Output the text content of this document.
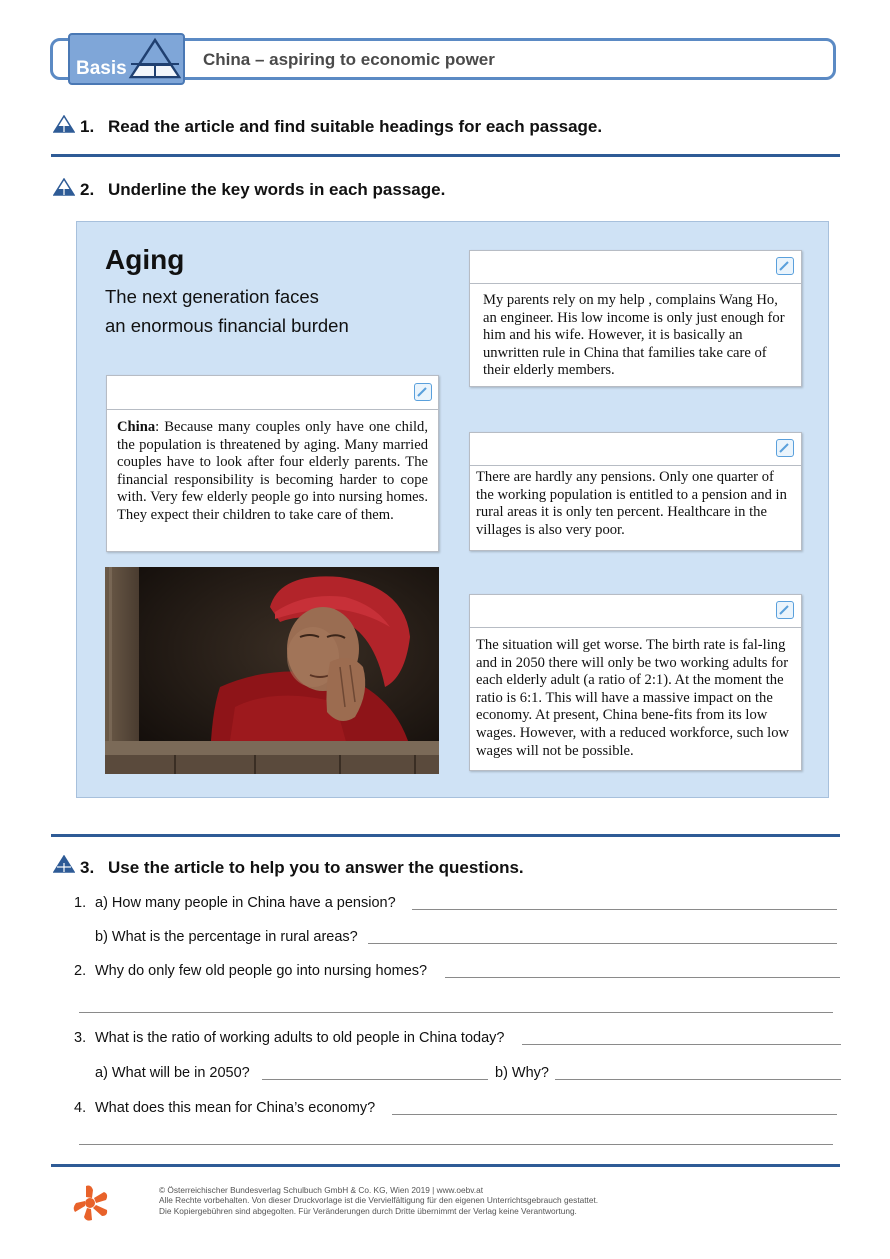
Basis	China – aspiring to economic power
1. Read the article and find suitable headings for each passage.
2. Underline the key words in each passage.
Aging
The next generation faces
an enormous financial burden
China: Because many couples only have one child, the population is threatened by aging. Many married couples have to look after four elderly parents. The financial responsibility is becoming harder to cope with. Very few elderly people go into nursing homes. They expect their children to take care of them.
My parents rely on my help , complains Wang Ho, an engineer. His low income is only just enough for him and his wife. However, it is basically an unwritten rule in China that families take care of their elderly members.
There are hardly any pensions. Only one quarter of the working population is entitled to a pension and in rural areas it is only ten percent. Healthcare in the villages is also very poor.
The situation will get worse. The birth rate is fal-ling and in 2050 there will only be two working adults for each elderly adult (a ratio of 2:1). At the moment the ratio is 6:1. This will have a massive impact on the economy. At present, China bene-fits from its low wages. However, with a reduced workforce, such low wages will not be possible.
3. Use the article to help you to answer the questions.
1. a) How many people in China have a pension?
b) What is the percentage in rural areas?
2. Why do only few old people go into nursing homes?
3. What is the ratio of working adults to old people in China today?
a) What will be in 2050?	b) Why?
4. What does this mean for China’s economy?
© Österreichischer Bundesverlag Schulbuch GmbH & Co. KG, Wien 2019 | www.oebv.at
Alle Rechte vorbehalten. Von dieser Druckvorlage ist die Vervielfältigung für den eigenen Unterrichtsgebrauch gestattet.
Die Kopiergebühren sind abgegolten. Für Veränderungen durch Dritte übernimmt der Verlag keine Verantwortung.
